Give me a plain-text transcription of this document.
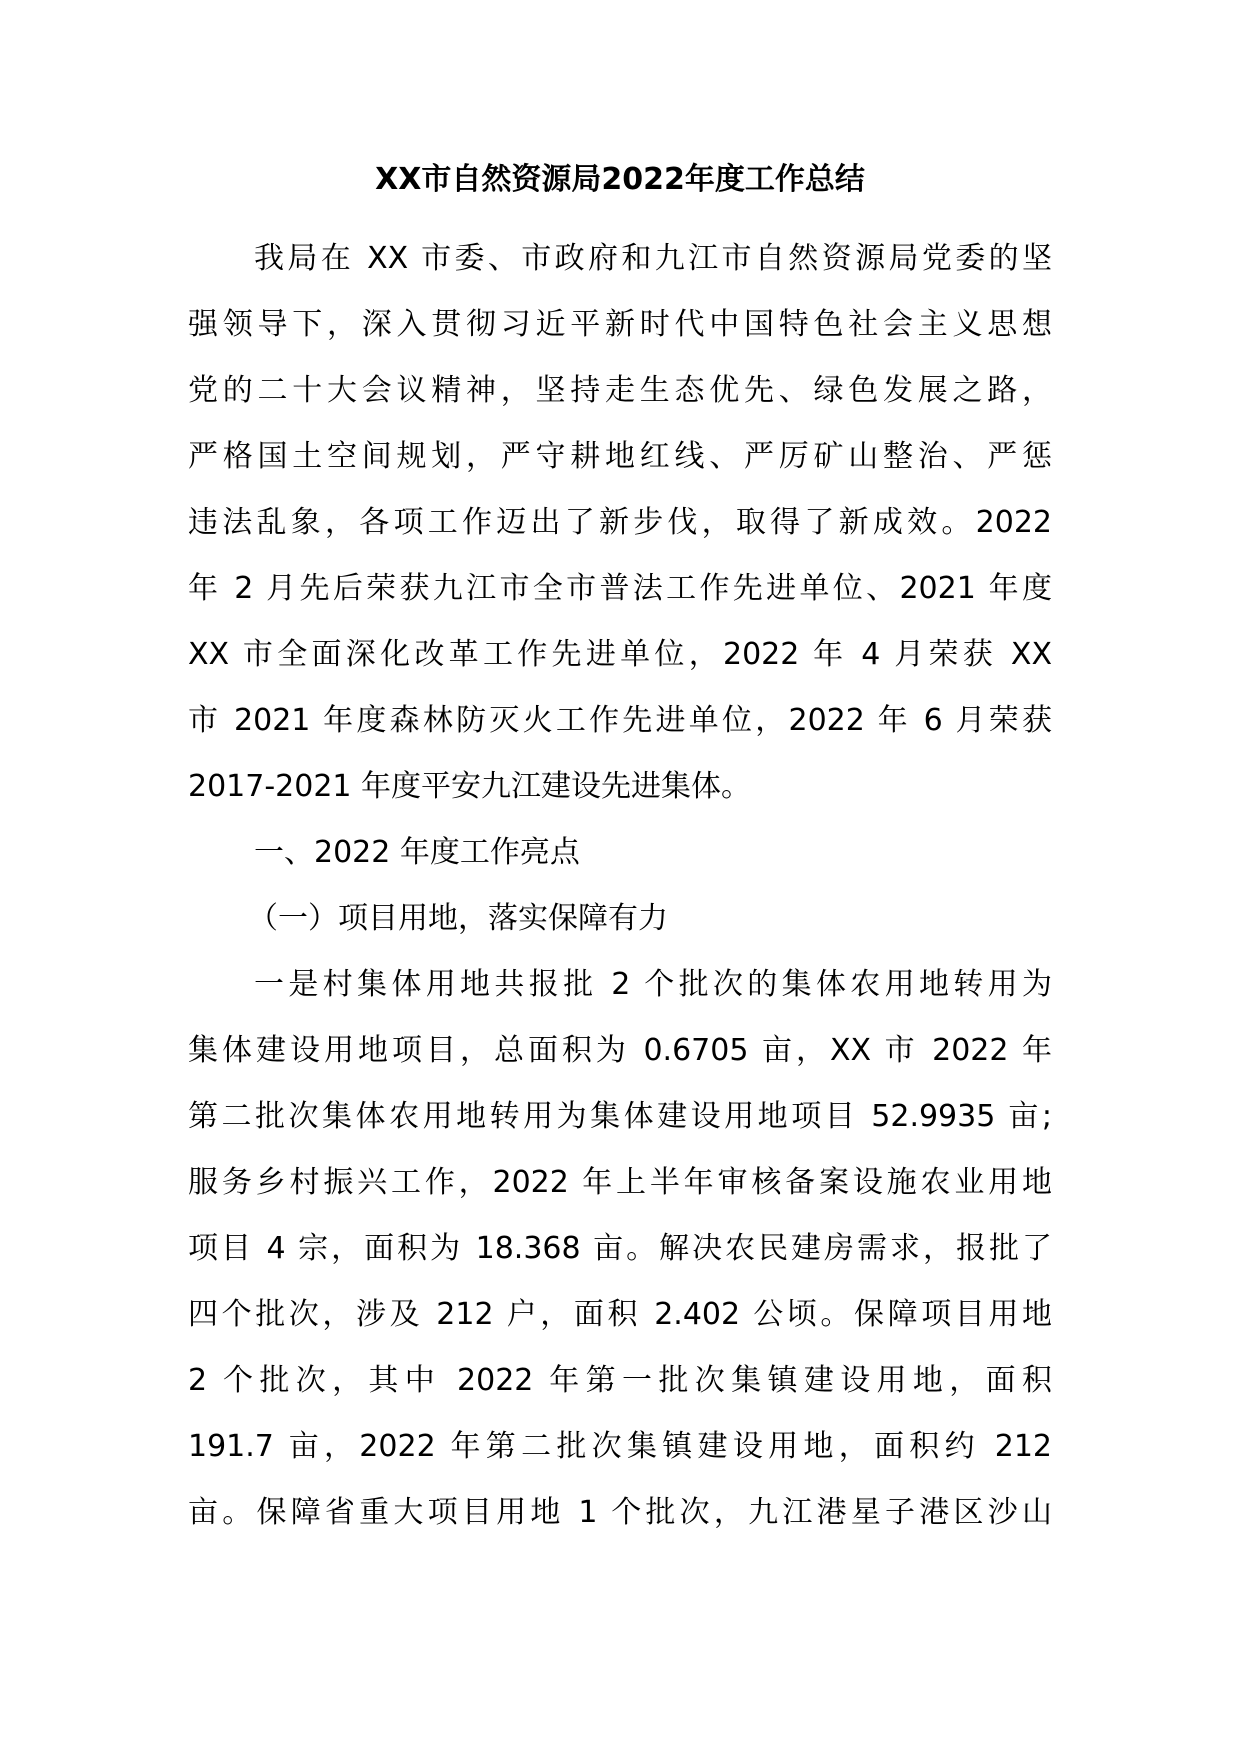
XX市自然资源局2022年度工作总结
我局在 XX 市委、市政府和九江市自然资源局党委的坚
强领导下，深入贯彻习近平新时代中国特色社会主义思想
党的二十大会议精神，坚持走生态优先、绿色发展之路，
严格国土空间规划，严守耕地红线、严厉矿山整治、严惩
违法乱象，各项工作迈出了新步伐，取得了新成效。2022
年 2 月先后荣获九江市全市普法工作先进单位、2021 年度
XX 市全面深化改革工作先进单位，2022 年 4 月荣获 XX
市 2021 年度森林防灭火工作先进单位，2022 年 6 月荣获
2017-2021 年度平安九江建设先进集体。
一、2022 年度工作亮点
（一）项目用地，落实保障有力
一是村集体用地共报批 2 个批次的集体农用地转用为
集体建设用地项目，总面积为 0.6705 亩，XX 市 2022 年
第二批次集体农用地转用为集体建设用地项目 52.9935 亩;
服务乡村振兴工作，2022 年上半年审核备案设施农业用地
项目 4 宗，面积为 18.368 亩。解决农民建房需求，报批了
四个批次，涉及 212 户，面积 2.402 公顷。保障项目用地
2 个批次，其中 2022 年第一批次集镇建设用地，面积
191.7 亩，2022 年第二批次集镇建设用地，面积约 212
亩。保障省重大项目用地 1 个批次，九江港星子港区沙山
